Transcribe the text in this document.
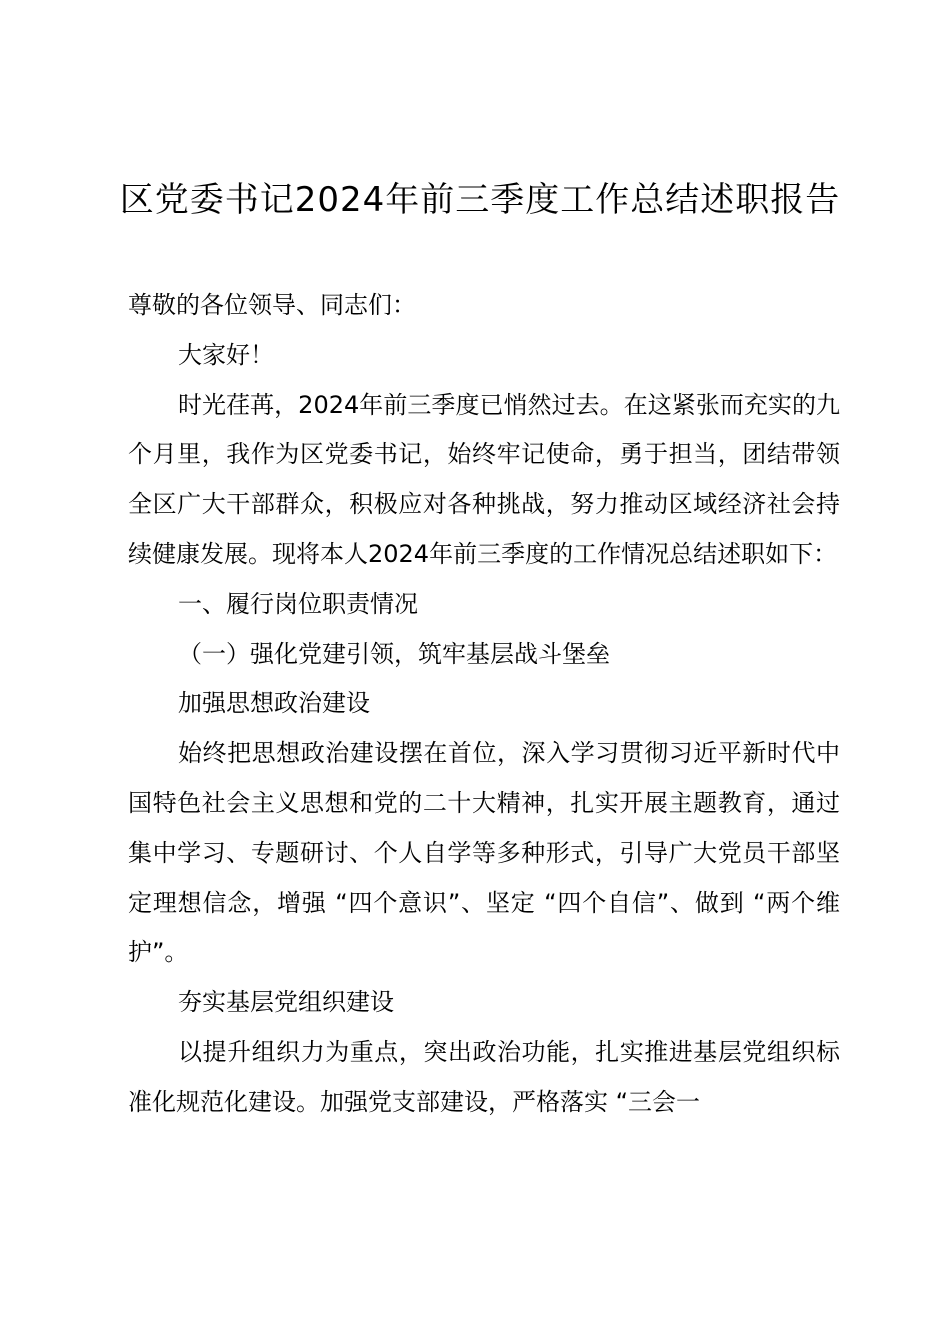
区党委书记2024年前三季度工作总结述职报告

尊敬的各位领导、同志们：

大家好！

时光荏苒，2024年前三季度已悄然过去。在这紧张而充实的九个月里，我作为区党委书记，始终牢记使命，勇于担当，团结带领全区广大干部群众，积极应对各种挑战，努力推动区域经济社会持续健康发展。现将本人2024年前三季度的工作情况总结述职如下：

一、履行岗位职责情况

（一）强化党建引领，筑牢基层战斗堡垒

加强思想政治建设

始终把思想政治建设摆在首位，深入学习贯彻习近平新时代中国特色社会主义思想和党的二十大精神，扎实开展主题教育，通过集中学习、专题研讨、个人自学等多种形式，引导广大党员干部坚定理想信念，增强 “四个意识”、坚定 “四个自信”、做到 “两个维护”。

夯实基层党组织建设

以提升组织力为重点，突出政治功能，扎实推进基层党组织标准化规范化建设。加强党支部建设，严格落实 “三会一
